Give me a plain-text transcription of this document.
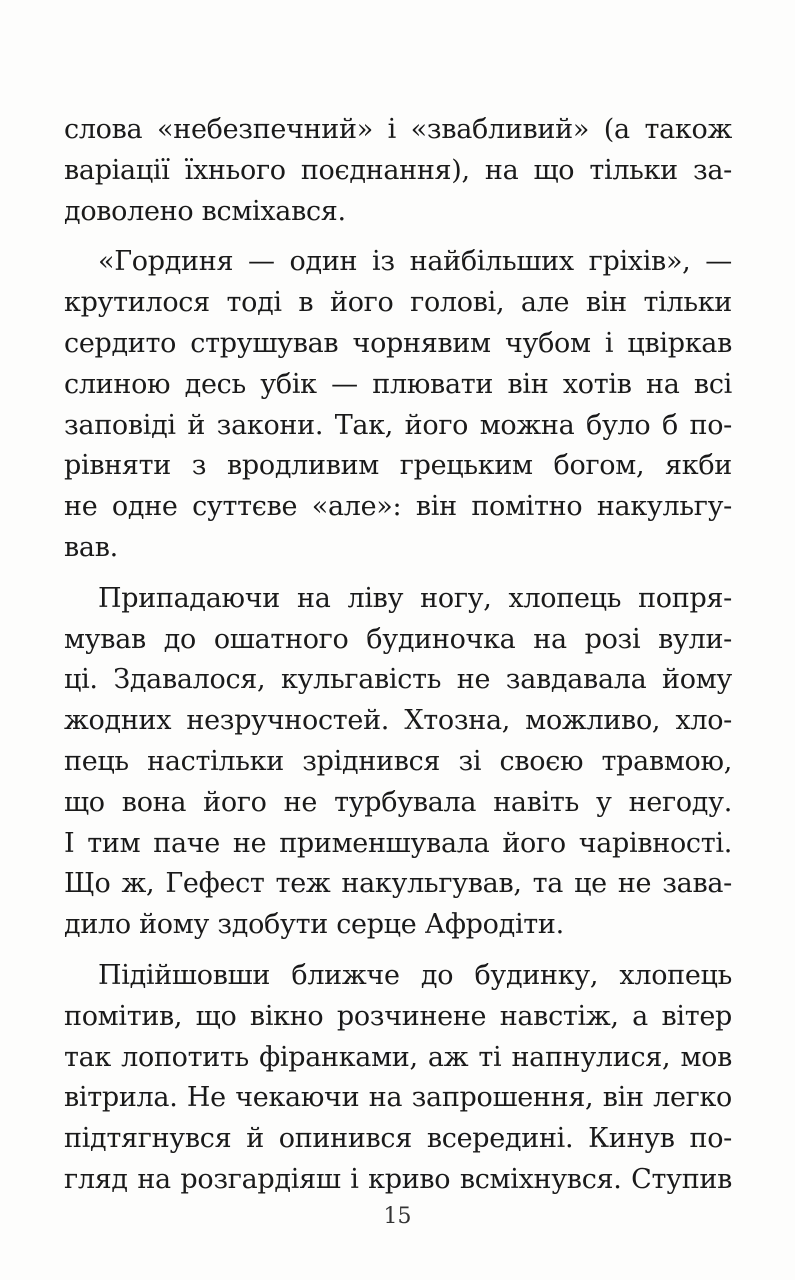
слова «небезпечний» і «звабливий» (а також
варіації їхнього поєднання), на що тільки за-
доволено всміхався.
«Гординя — один із найбільших гріхів», —
крутилося тоді в його голові, але він тільки
сердито струшував чорнявим чубом і цвіркав
слиною десь убік — плювати він хотів на всі
заповіді й закони. Так, його можна було б по-
рівняти з вродливим грецьким богом, якби
не одне суттєве «але»: він помітно накульгу-
вав.
Припадаючи на ліву ногу, хлопець попря-
мував до ошатного будиночка на розі вули-
ці. Здавалося, кульгавість не завдавала йому
жодних незручностей. Хтозна, можливо, хло-
пець настільки зріднився зі своєю травмою,
що вона його не турбувала навіть у негоду.
І тим паче не применшувала його чарівності.
Що ж, Гефест теж накульгував, та це не зава-
дило йому здобути серце Афродіти.
Підійшовши ближче до будинку, хлопець
помітив, що вікно розчинене навстіж, а вітер
так лопотить фіранками, аж ті напнулися, мов
вітрила. Не чекаючи на запрошення, він легко
підтягнувся й опинився всередині. Кинув по-
гляд на розгардіяш і криво всміхнувся. Ступив
15
